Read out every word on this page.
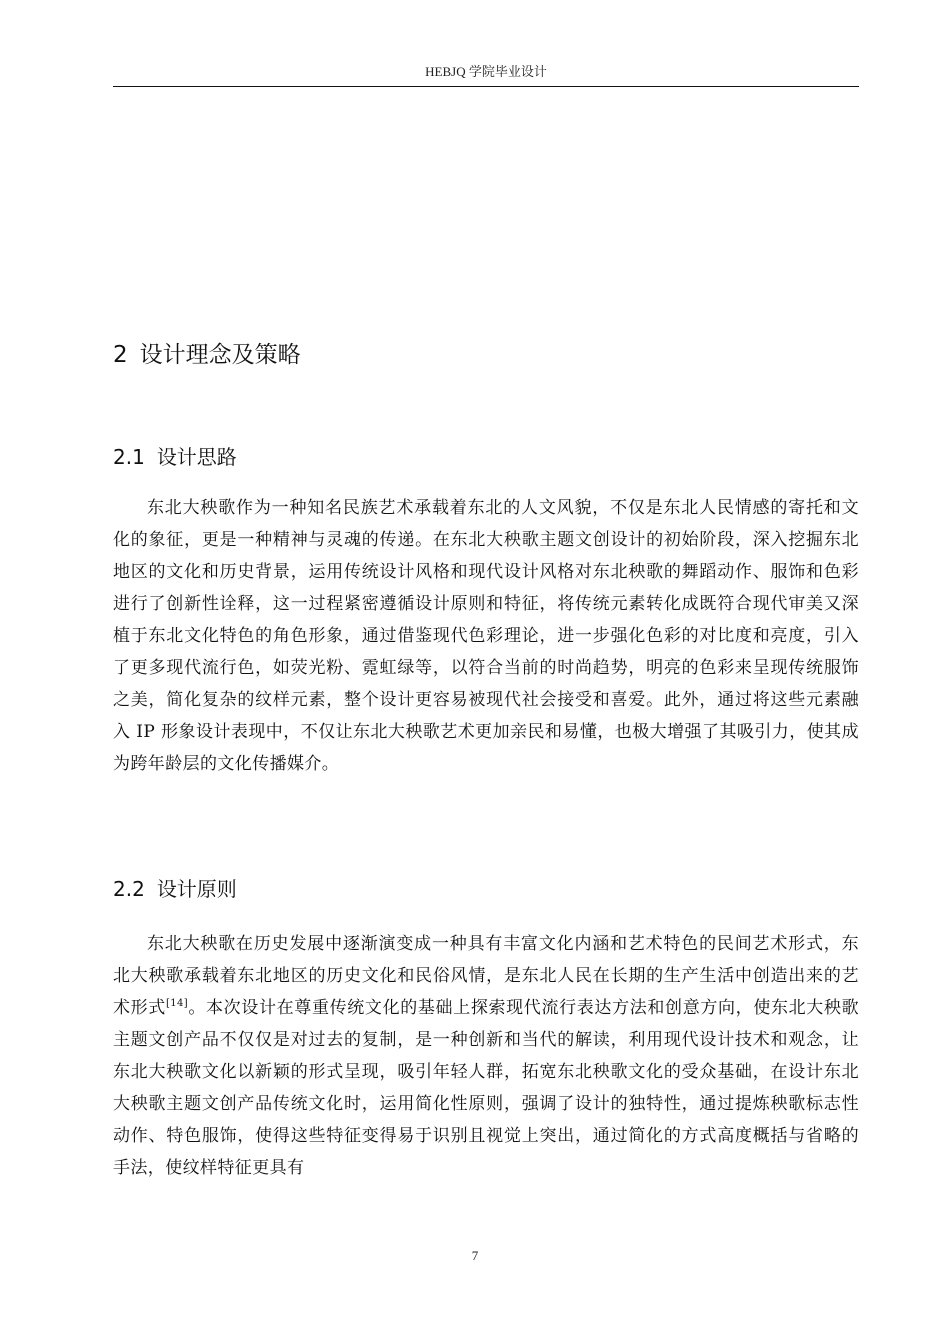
HEBJQ 学院毕业设计
2 设计理念及策略
2.1 设计思路

东北大秧歌作为一种知名民族艺术承载着东北的人文风貌，不仅是东北人民情感的寄托和文化的象征，更是一种精神与灵魂的传递。在东北大秧歌主题文创设计的初始阶段，深入挖掘东北地区的文化和历史背景，运用传统设计风格和现代设计风格对东北秧歌的舞蹈动作、服饰和色彩进行了创新性诠释，这一过程紧密遵循设计原则和特征，将传统元素转化成既符合现代审美又深植于东北文化特色的角色形象，通过借鉴现代色彩理论，进一步强化色彩的对比度和亮度，引入了更多现代流行色，如荧光粉、霓虹绿等，以符合当前的时尚趋势，明亮的色彩来呈现传统服饰之美，简化复杂的纹样元素，整个设计更容易被现代社会接受和喜爱。此外，通过将这些元素融入 IP 形象设计表现中，不仅让东北大秧歌艺术更加亲民和易懂，也极大增强了其吸引力，使其成为跨年龄层的文化传播媒介。

2.2 设计原则

东北大秧歌在历史发展中逐渐演变成一种具有丰富文化内涵和艺术特色的民间艺术形式，东北大秧歌承载着东北地区的历史文化和民俗风情，是东北人民在长期的生产生活中创造出来的艺术形式[14]。本次设计在尊重传统文化的基础上探索现代流行表达方法和创意方向，使东北大秧歌主题文创产品不仅仅是对过去的复制，是一种创新和当代的解读，利用现代设计技术和观念，让东北大秧歌文化以新颖的形式呈现，吸引年轻人群，拓宽东北秧歌文化的受众基础，在设计东北大秧歌主题文创产品传统文化时，运用简化性原则，强调了设计的独特性，通过提炼秧歌标志性动作、特色服饰，使得这些特征变得易于识别且视觉上突出，通过简化的方式高度概括与省略的手法，使纹样特征更具有

7
